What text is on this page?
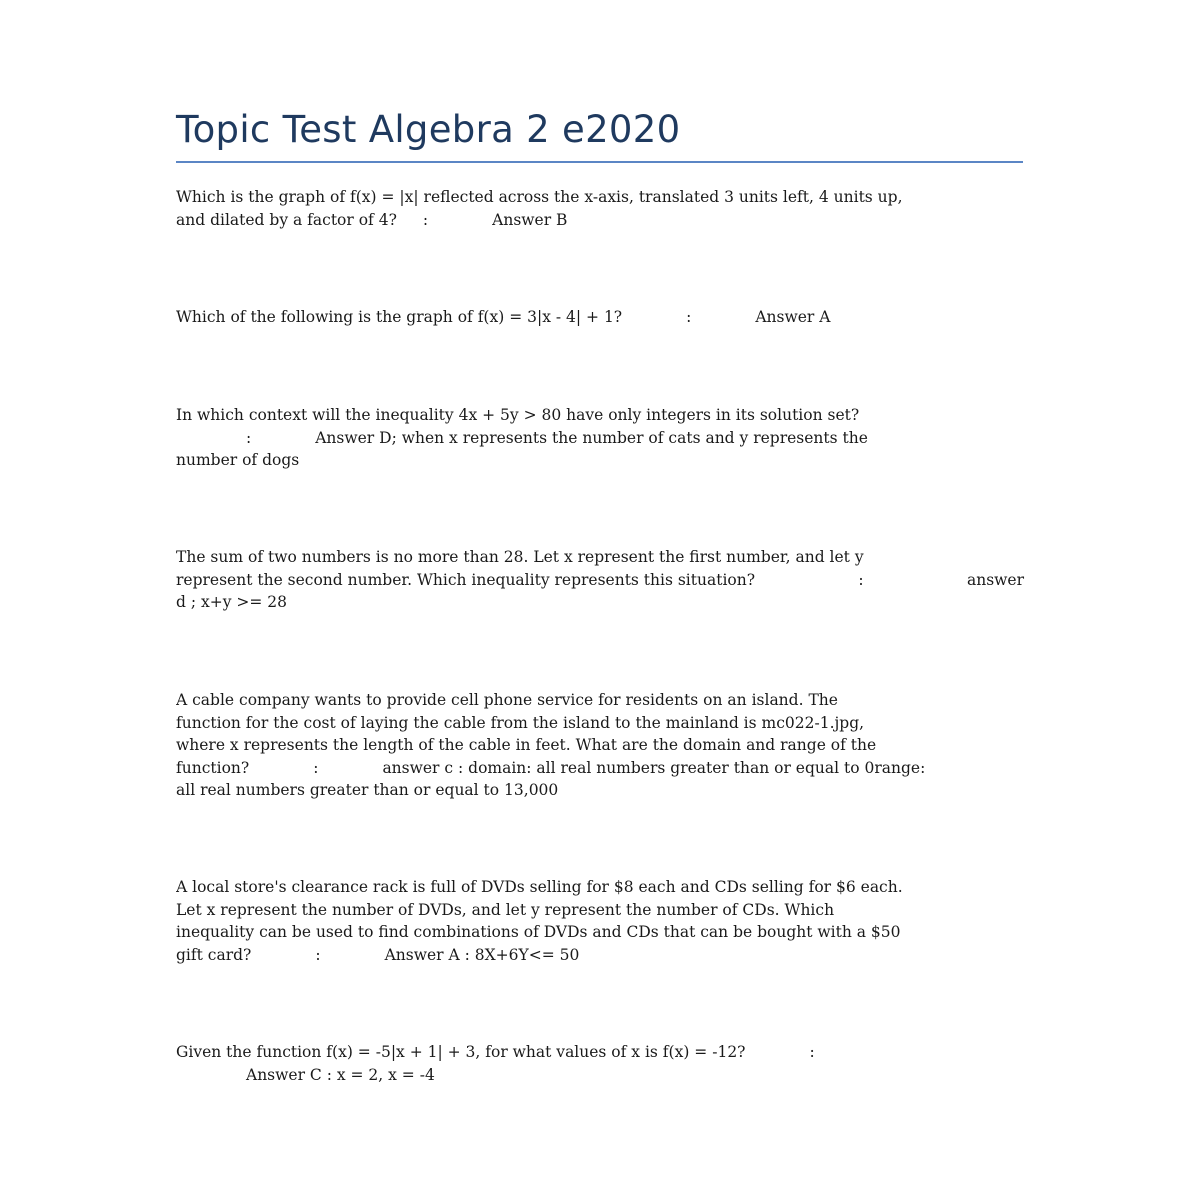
Topic Test Algebra 2 e2020
Which is the graph of f(x) = |x| reflected across the x-axis, translated 3 units left, 4 units up,
and dilated by a factor of 4? :	Answer B
Which of the following is the graph of f(x) = 3|x - 4| + 1?	:	Answer A
In which context will the inequality 4x + 5y > 80 have only integers in its solution set?
:	Answer D; when x represents the number of cats and y represents the
number of dogs
The sum of two numbers is no more than 28. Let x represent the first number, and let y
represent the second number. Which inequality represents this situation?	:	answer
d ; x+y >= 28
A cable company wants to provide cell phone service for residents on an island. The
function for the cost of laying the cable from the island to the mainland is mc022-1.jpg,
where x represents the length of the cable in feet. What are the domain and range of the
function?	:	answer c : domain: all real numbers greater than or equal to 0range:
all real numbers greater than or equal to 13,000
A local store's clearance rack is full of DVDs selling for $8 each and CDs selling for $6 each.
Let x represent the number of DVDs, and let y represent the number of CDs. Which
inequality can be used to find combinations of DVDs and CDs that can be bought with a $50
gift card?	:	Answer A : 8X+6Y<= 50
Given the function f(x) = -5|x + 1| + 3, for what values of x is f(x) = -12?	:
Answer C : x = 2, x = -4
